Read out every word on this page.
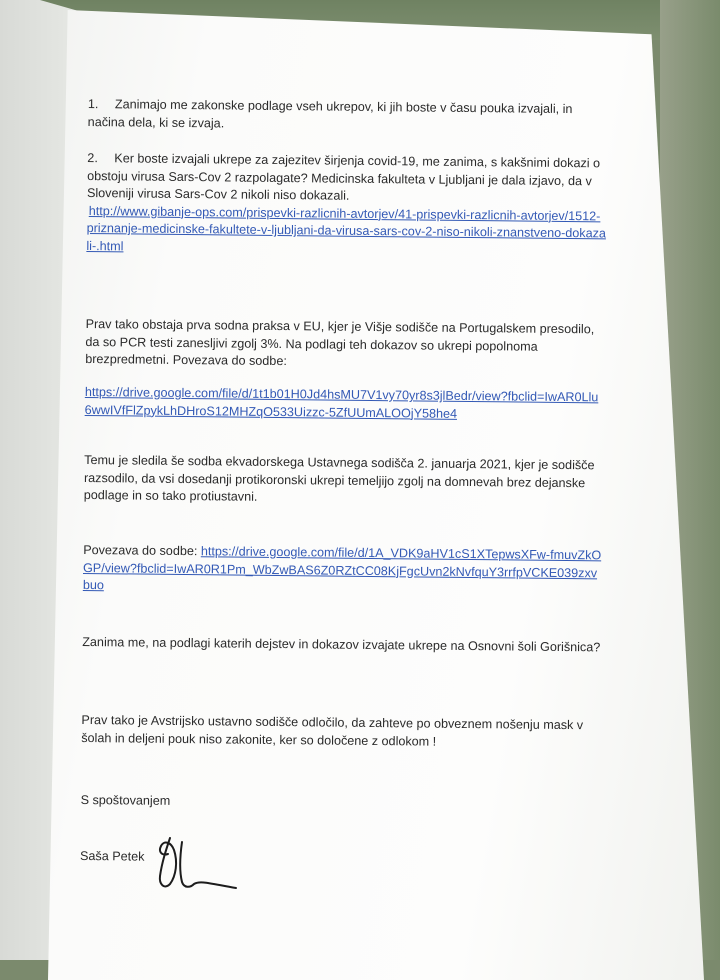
1. Zanimajo me zakonske podlage vseh ukrepov, ki jih boste v času pouka izvajali, in načina dela, ki se izvaja.

2. Ker boste izvajali ukrepe za zajezitev širjenja covid-19, me zanima, s kakšnimi dokazi o obstoju virusa Sars-Cov 2 razpolagate? Medicinska fakulteta v Ljubljani je dala izjavo, da v Sloveniji virusa Sars-Cov 2 nikoli niso dokazali.
http://www.gibanje-ops.com/prispevki-razlicnih-avtorjev/41-prispevki-razlicnih-avtorjev/1512-priznanje-medicinske-fakultete-v-ljubljani-da-virusa-sars-cov-2-niso-nikoli-znanstveno-dokazali-.html

Prav tako obstaja prva sodna praksa v EU, kjer je Višje sodišče na Portugalskem presodilo, da so PCR testi zanesljivi zgolj 3%. Na podlagi teh dokazov so ukrepi popolnoma brezpredmetni. Povezava do sodbe:

https://drive.google.com/file/d/1t1b01H0Jd4hsMU7V1vy70yr8s3jlBedr/view?fbclid=IwAR0Llu6wwIVfFlZpykLhDHroS12MHZqO533Uizzc-5ZfUUmALOOjY58he4

Temu je sledila še sodba ekvadorskega Ustavnega sodišča 2. januarja 2021, kjer je sodišče razsodilo, da vsi dosedanji protikoronski ukrepi temeljijo zgolj na domnevah brez dejanske podlage in so tako protiustavni.

Povezava do sodbe: https://drive.google.com/file/d/1A_VDK9aHV1cS1XTepwsXFw-fmuvZkOGP/view?fbclid=IwAR0R1Pm_WbZwBAS6Z0RZtCC08KjFgcUvn2kNvfquY3rrfpVCKE039zxvbuo

Zanima me, na podlagi katerih dejstev in dokazov izvajate ukrepe na Osnovni šoli Gorišnica?

Prav tako je Avstrijsko ustavno sodišče odločilo, da zahteve po obveznem nošenju mask v šolah in deljeni pouk niso zakonite, ker so določene z odlokom !

S spoštovanjem

Saša Petek
